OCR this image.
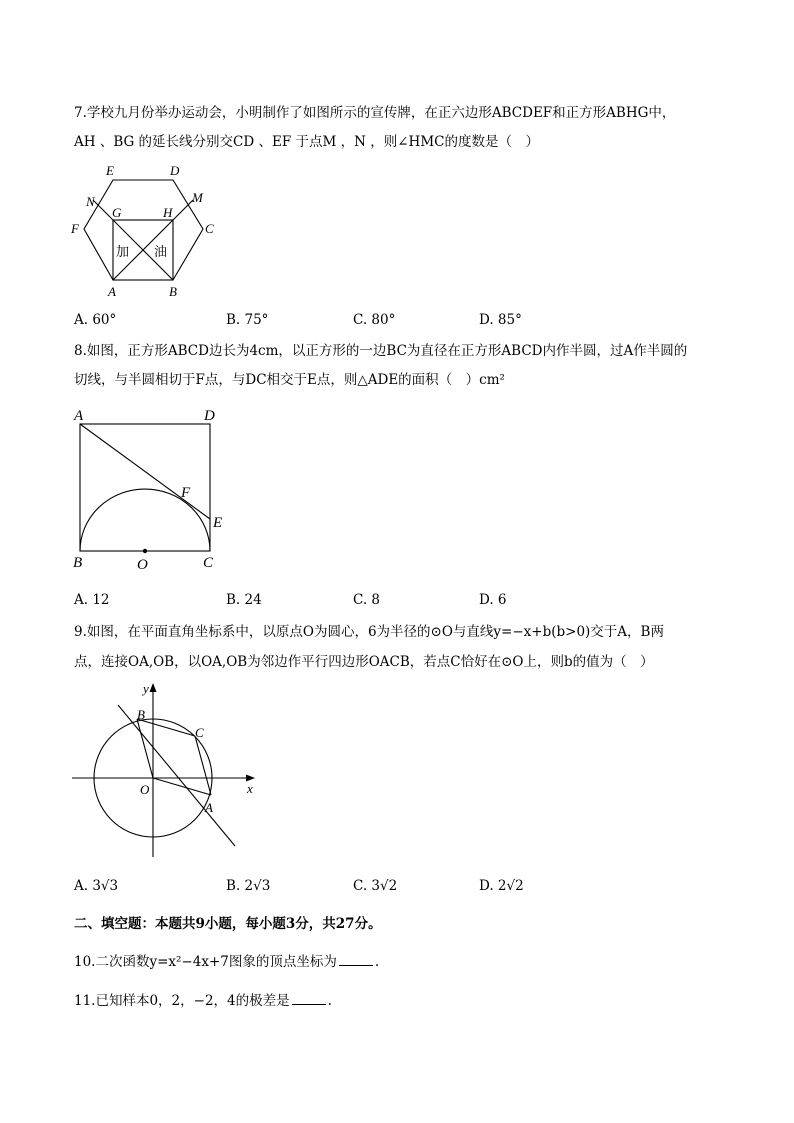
7.学校九月份举办运动会，小明制作了如图所示的宣传牌，在正六边形ABCDEF和正方形ABHG中，
AH 、BG 的延长线分别交CD 、EF 于点M ，N ，则∠HMC的度数是（　）
E	D
N
G	H
M
F	C
A	B
加 油
A. 60°	B. 75°	C. 80°	D. 85°
8.如图，正方形ABCD边长为4cm，以正方形的一边BC为直径在正方形ABCD内作半圆，过A作半圆的
切线，与半圆相切于F点，与DC相交于E点，则△ADE的面积（　）cm²
A	D
F
E
B	O	C
A. 12	B. 24	C. 8	D. 6
9.如图，在平面直角坐标系中，以原点O为圆心，6为半径的⊙O与直线y=−x+b(b>0)交于A，B两
点，连接OA,OB，以OA,OB为邻边作平行四边形OACB，若点C恰好在⊙O上，则b的值为（　）
y
x
B
C
O
A
A. 3√3	B. 2√3	C. 3√2	D. 2√2
二、填空题：本题共9小题，每小题3分，共27分。
10.二次函数y=x²−4x+7图象的顶点坐标为	.
11.已知样本0，2，−2，4的极差是	.
